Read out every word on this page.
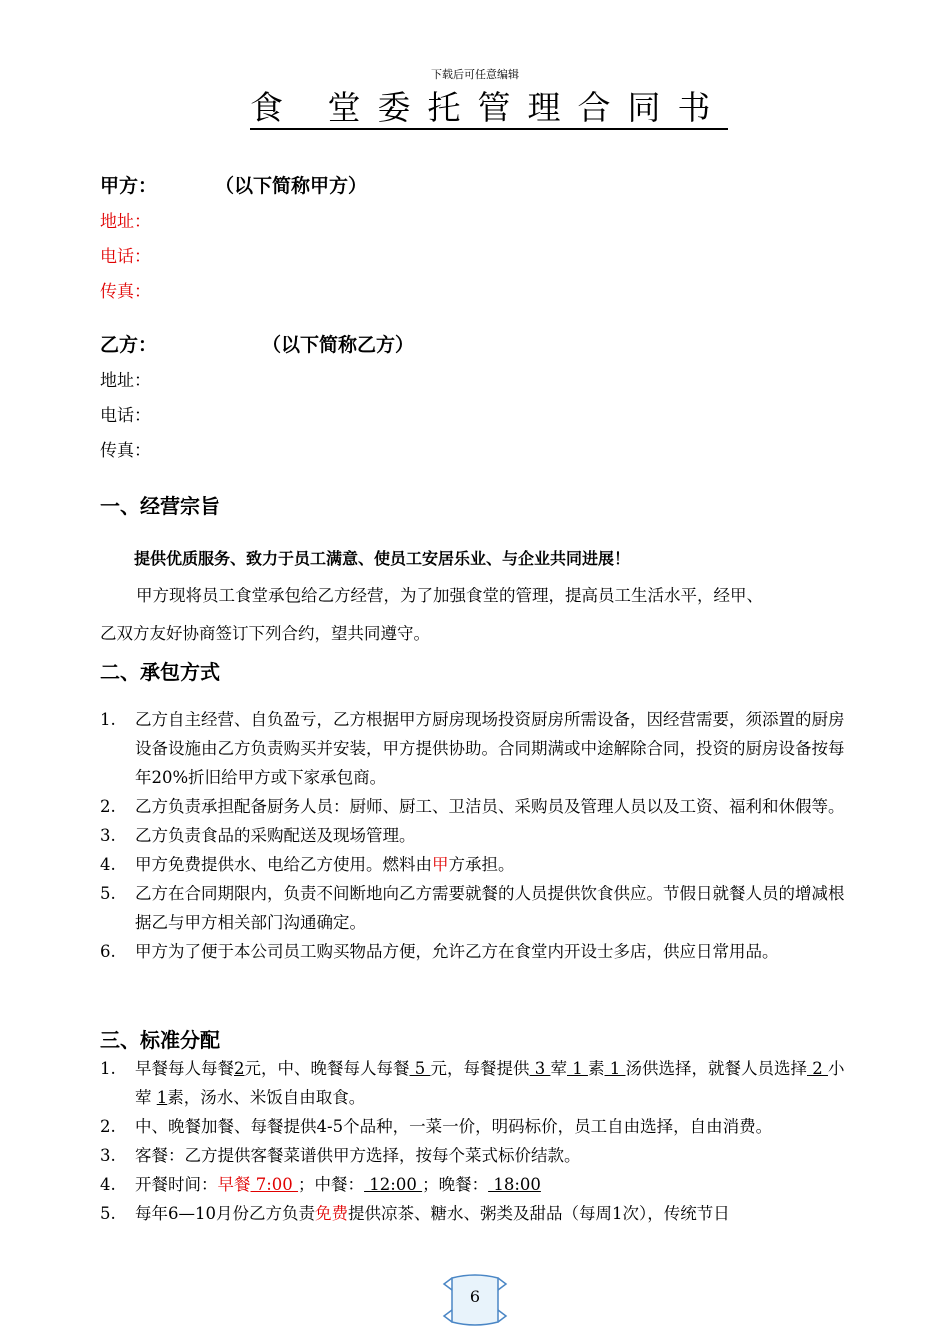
下载后可任意编辑
食 堂委托管理合同书
甲方：	（以下简称甲方）
地址：
电话：
传真：
乙方：	（以下简称乙方）
地址：
电话：
传真：
一、经营宗旨
提供优质服务、致力于员工满意、使员工安居乐业、与企业共同进展！
甲方现将员工食堂承包给乙方经营，为了加强食堂的管理，提高员工生活水平，经甲、
乙双方友好协商签订下列合约，望共同遵守。
二、承包方式
1. 乙方自主经营、自负盈亏，乙方根据甲方厨房现场投资厨房所需设备，因经营需要，须添置的厨房设备设施由乙方负责购买并安装，甲方提供协助。合同期满或中途解除合同，投资的厨房设备按每年20%折旧给甲方或下家承包商。
2. 乙方负责承担配备厨务人员：厨师、厨工、卫洁员、采购员及管理人员以及工资、福利和休假等。
3. 乙方负责食品的采购配送及现场管理。
4. 甲方免费提供水、电给乙方使用。燃料由甲方承担。
5. 乙方在合同期限内，负责不间断地向乙方需要就餐的人员提供饮食供应。节假日就餐人员的增减根据乙与甲方相关部门沟通确定。
6. 甲方为了便于本公司员工购买物品方便，允许乙方在食堂内开设士多店，供应日常用品。
三、标准分配
1. 早餐每人每餐2元，中、晚餐每人每餐 5 元，每餐提供 3 荤 1 素 1 汤供选择，就餐人员选择 2 小荤 1素，汤水、米饭自由取食。
2. 中、晚餐加餐、每餐提供4-5个品种，一菜一价，明码标价，员工自由选择，自由消费。
3. 客餐：乙方提供客餐菜谱供甲方选择，按每个菜式标价结款。
4. 开餐时间：早餐 7:00 ；中餐： 12:00 ；晚餐： 18:00
5. 每年6—10月份乙方负责免费提供凉茶、糖水、粥类及甜品（每周1次），传统节日
6
